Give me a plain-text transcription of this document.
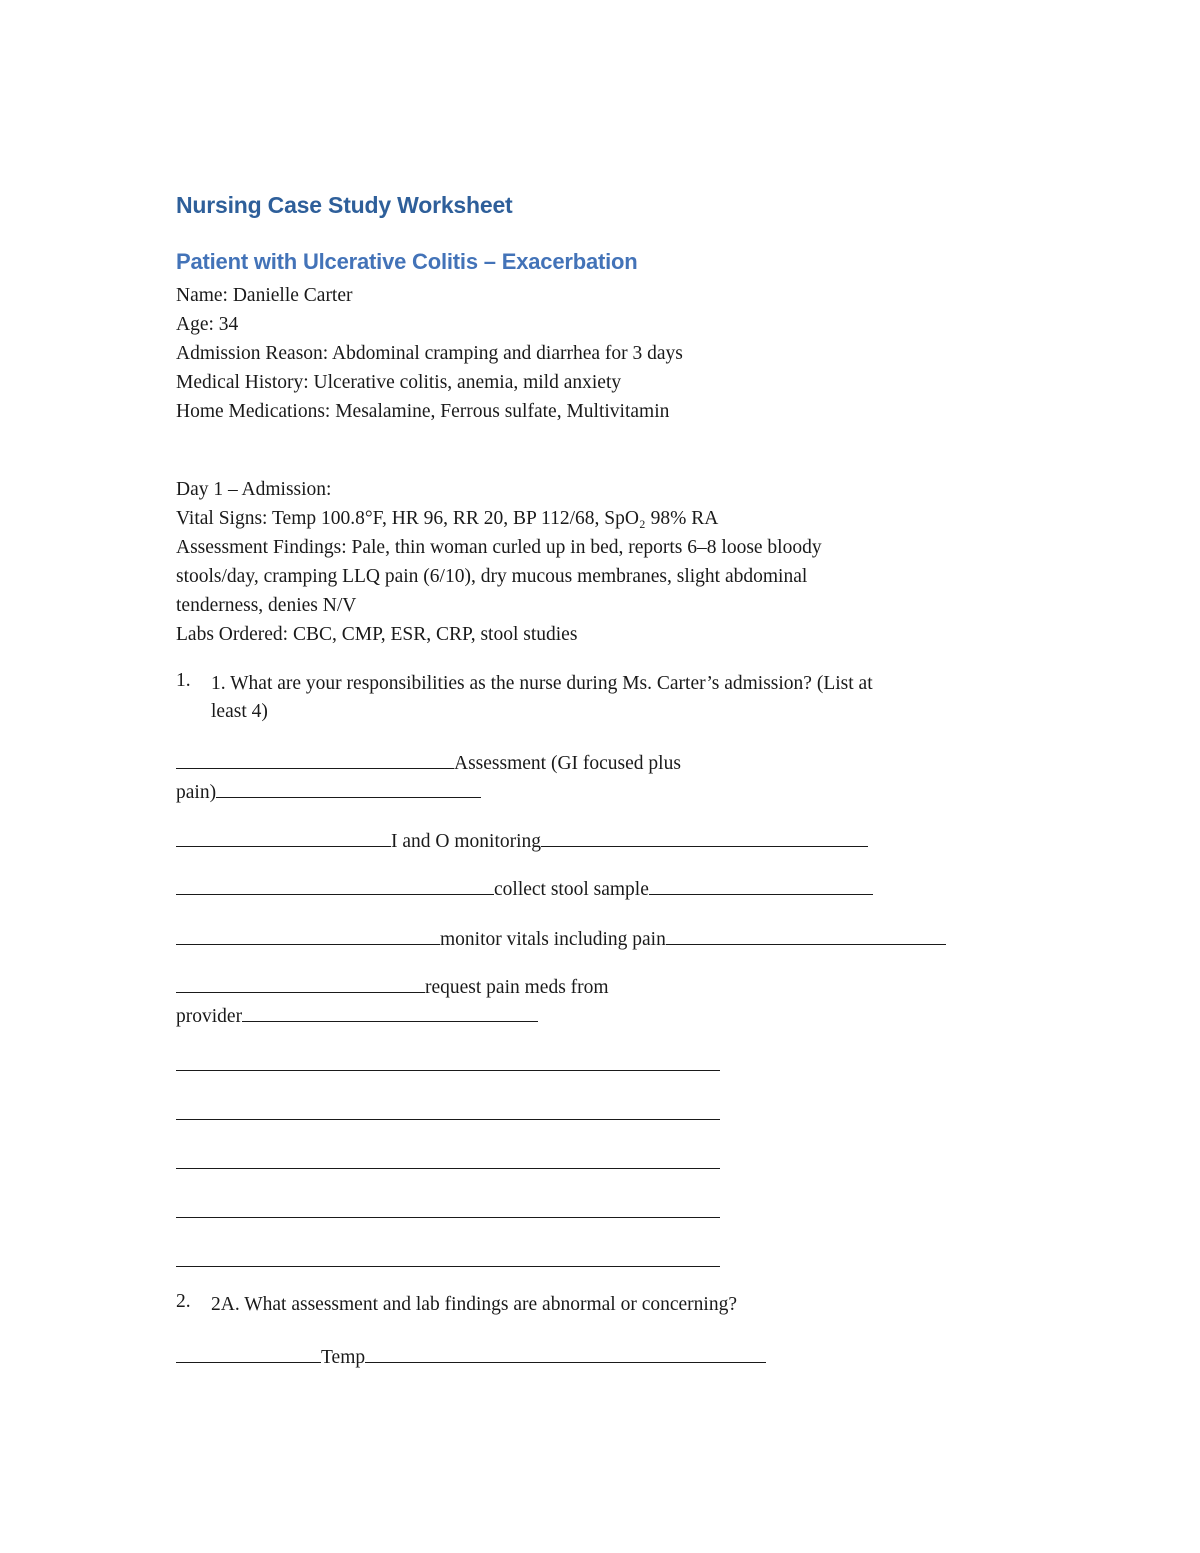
Nursing Case Study Worksheet
Patient with Ulcerative Colitis – Exacerbation
Name: Danielle Carter
Age: 34
Admission Reason: Abdominal cramping and diarrhea for 3 days
Medical History: Ulcerative colitis, anemia, mild anxiety
Home Medications: Mesalamine, Ferrous sulfate, Multivitamin
Day 1 – Admission:
Vital Signs: Temp 100.8°F, HR 96, RR 20, BP 112/68, SpO₂ 98% RA
Assessment Findings: Pale, thin woman curled up in bed, reports 6–8 loose bloody
stools/day, cramping LLQ pain (6/10), dry mucous membranes, slight abdominal
tenderness, denies N/V
Labs Ordered: CBC, CMP, ESR, CRP, stool studies
1. 1. What are your responsibilities as the nurse during Ms. Carter’s admission? (List at
least 4)
Assessment (GI focused plus
pain)
I and O monitoring
collect stool sample
monitor vitals including pain
request pain meds from
provider
2. 2A. What assessment and lab findings are abnormal or concerning?
Temp
